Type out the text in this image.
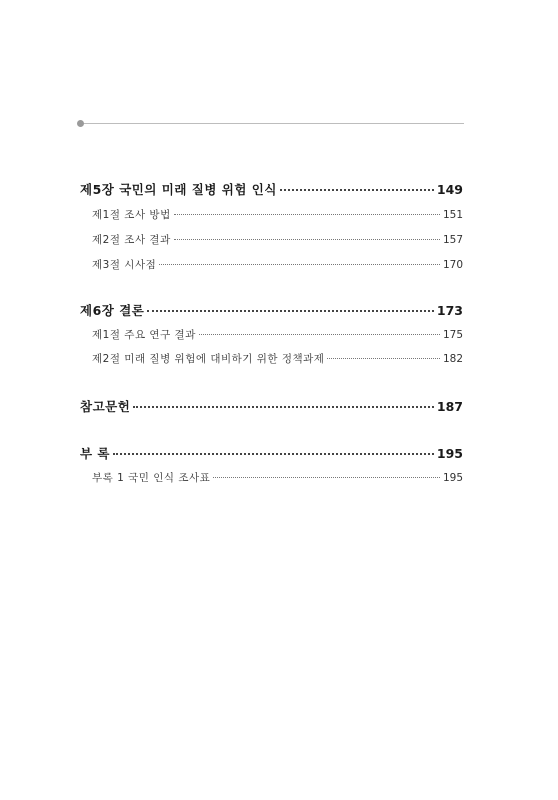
제5장 국민의 미래 질병 위험 인식	149
제1절 조사 방법	151
제2절 조사 결과	157
제3절 시사점	170
제6장 결론	173
제1절 주요 연구 결과	175
제2절 미래 질병 위험에 대비하기 위한 정책과제	182
참고문헌	187
부 록	195
부록 1 국민 인식 조사표	195
